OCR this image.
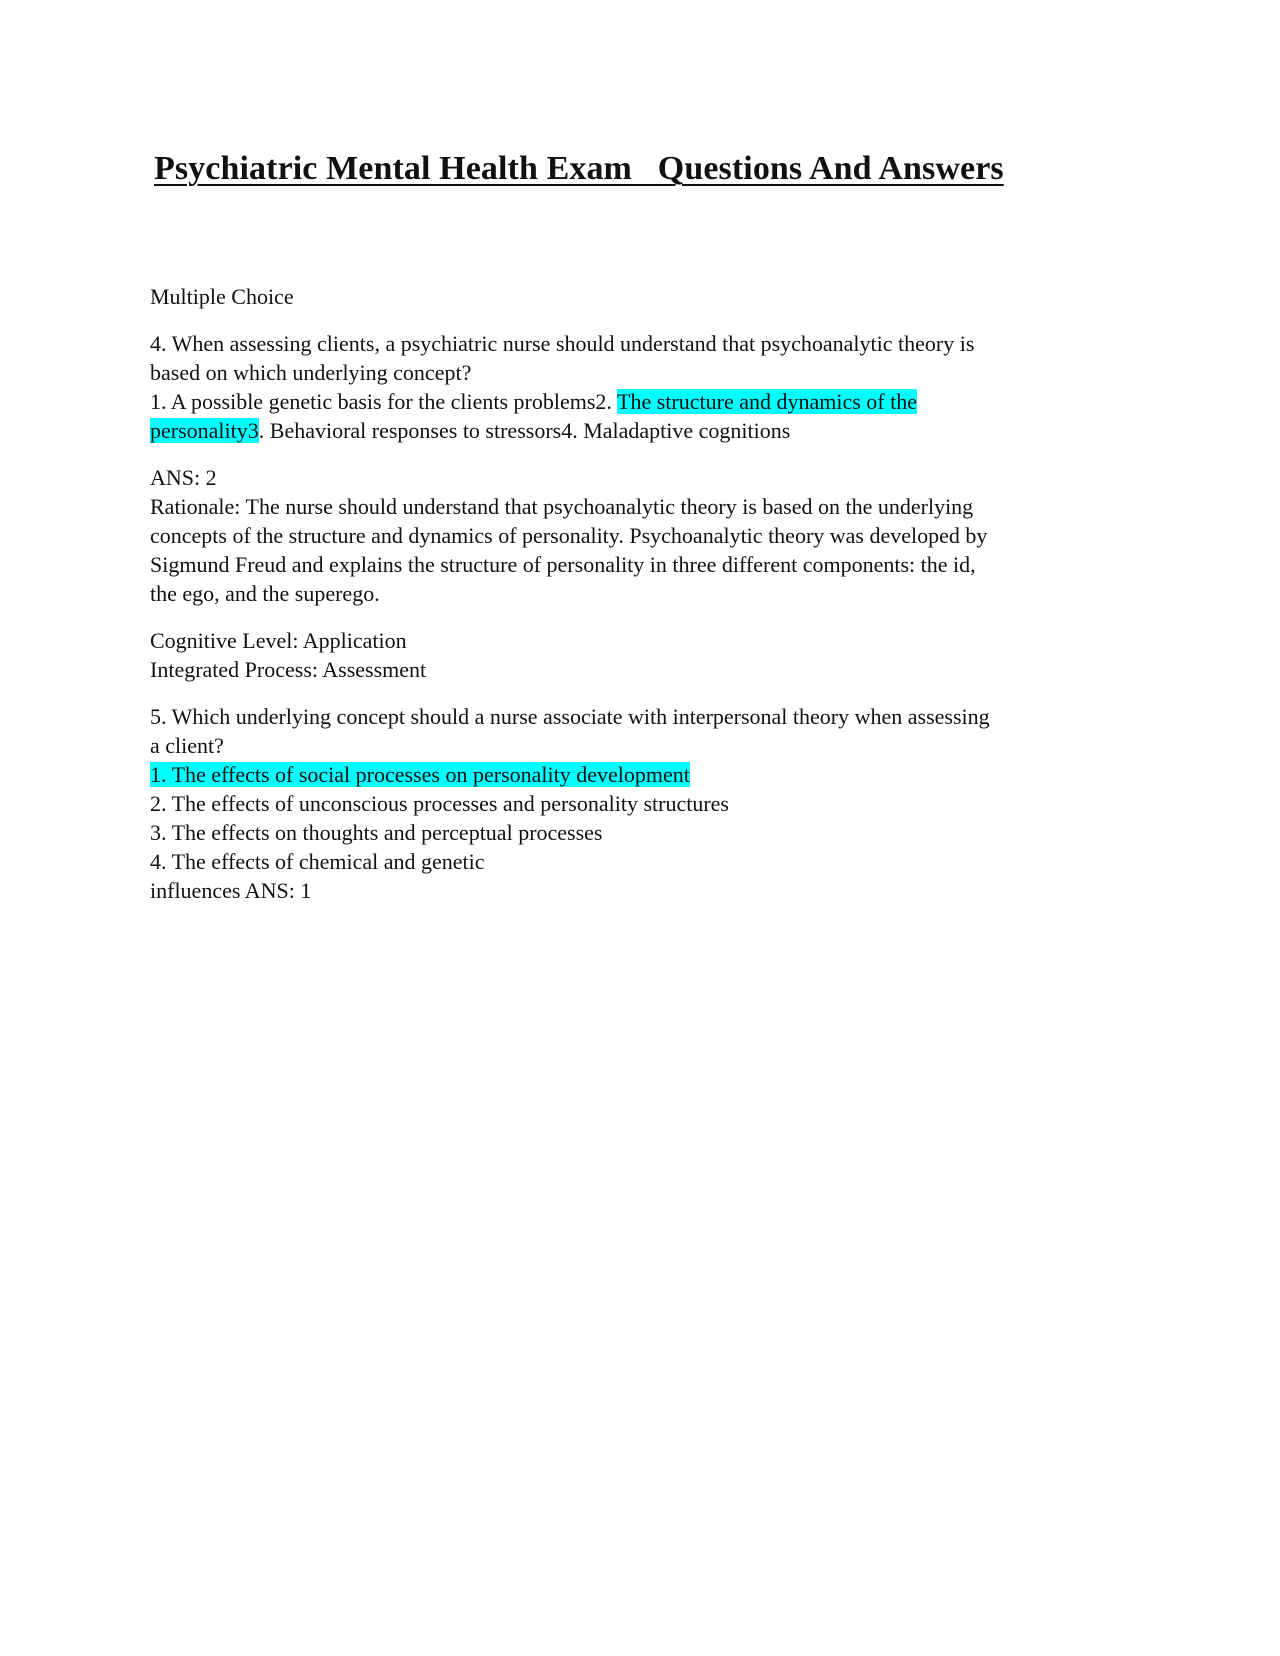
Psychiatric Mental Health Exam   Questions And Answers

Multiple Choice

4. When assessing clients, a psychiatric nurse should understand that psychoanalytic theory is
based on which underlying concept?
1. A possible genetic basis for the clients problems2. The structure and dynamics of the
personality3. Behavioral responses to stressors4. Maladaptive cognitions

ANS: 2
Rationale: The nurse should understand that psychoanalytic theory is based on the underlying
concepts of the structure and dynamics of personality. Psychoanalytic theory was developed by
Sigmund Freud and explains the structure of personality in three different components: the id,
the ego, and the superego.

Cognitive Level: Application
Integrated Process: Assessment

5. Which underlying concept should a nurse associate with interpersonal theory when assessing
a client?
1. The effects of social processes on personality development
2. The effects of unconscious processes and personality structures
3. The effects on thoughts and perceptual processes
4. The effects of chemical and genetic
influences ANS: 1
